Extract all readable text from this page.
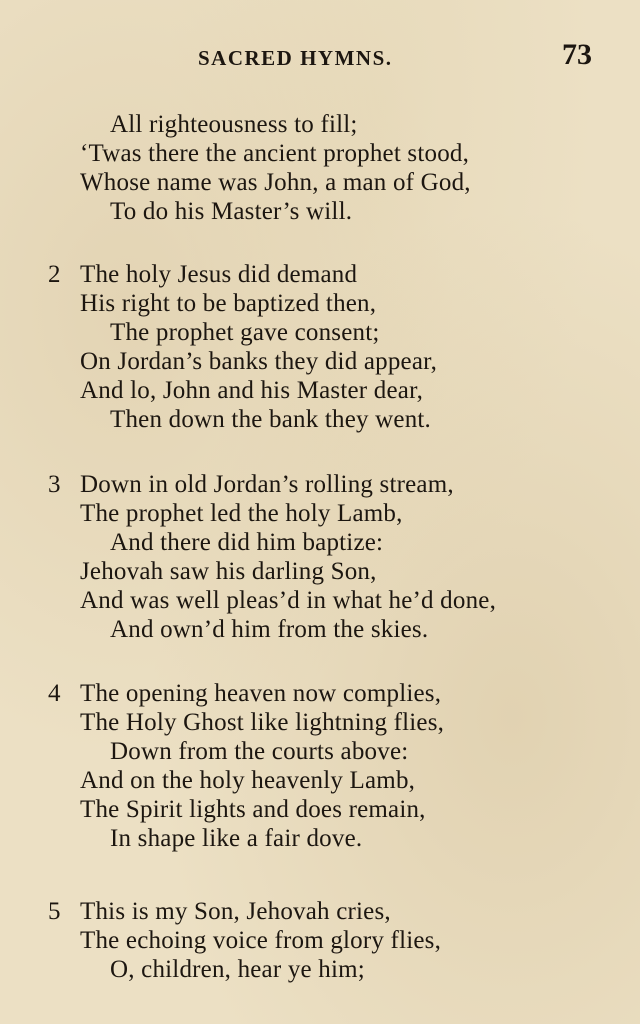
SACRED HYMNS.	73
All righteousness to fill;
‘Twas there the ancient prophet stood,
Whose name was John, a man of God,
To do his Master’s will.
2 The holy Jesus did demand
His right to be baptized then,
The prophet gave consent;
On Jordan’s banks they did appear,
And lo, John and his Master dear,
Then down the bank they went.
3 Down in old Jordan’s rolling stream,
The prophet led the holy Lamb,
And there did him baptize:
Jehovah saw his darling Son,
And was well pleas’d in what he’d done,
And own’d him from the skies.
4 The opening heaven now complies,
The Holy Ghost like lightning flies,
Down from the courts above:
And on the holy heavenly Lamb,
The Spirit lights and does remain,
In shape like a fair dove.
5 This is my Son, Jehovah cries,
The echoing voice from glory flies,
O, children, hear ye him;
